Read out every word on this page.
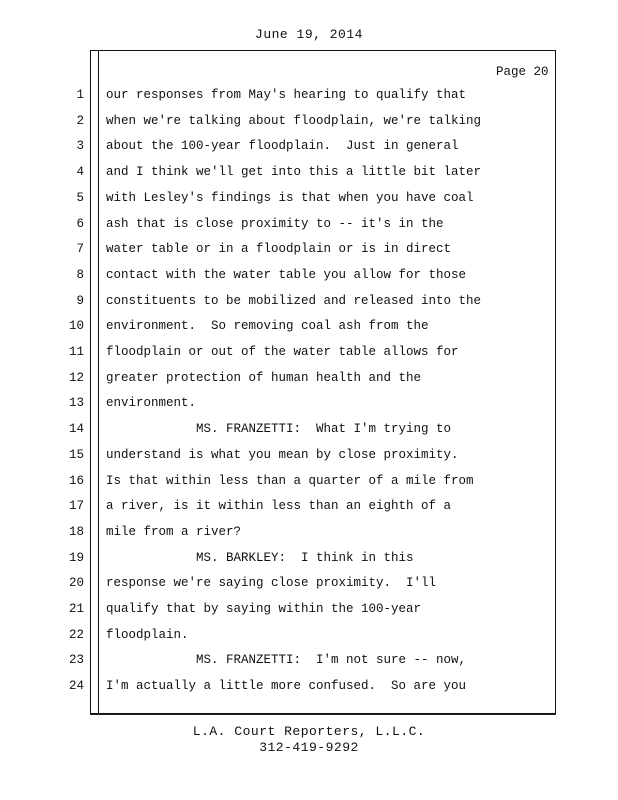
June 19, 2014
Page 20
1 our responses from May's hearing to qualify that
2 when we're talking about floodplain, we're talking
3 about the 100-year floodplain.  Just in general
4 and I think we'll get into this a little bit later
5 with Lesley's findings is that when you have coal
6 ash that is close proximity to -- it's in the
7 water table or in a floodplain or is in direct
8 contact with the water table you allow for those
9 constituents to be mobilized and released into the
10 environment.  So removing coal ash from the
11 floodplain or out of the water table allows for
12 greater protection of human health and the
13 environment.
14 MS. FRANZETTI:  What I'm trying to
15 understand is what you mean by close proximity.
16 Is that within less than a quarter of a mile from
17 a river, is it within less than an eighth of a
18 mile from a river?
19 MS. BARKLEY:  I think in this
20 response we're saying close proximity.  I'll
21 qualify that by saying within the 100-year
22 floodplain.
23 MS. FRANZETTI:  I'm not sure -- now,
24 I'm actually a little more confused.  So are you
L.A. Court Reporters, L.L.C.
312-419-9292
